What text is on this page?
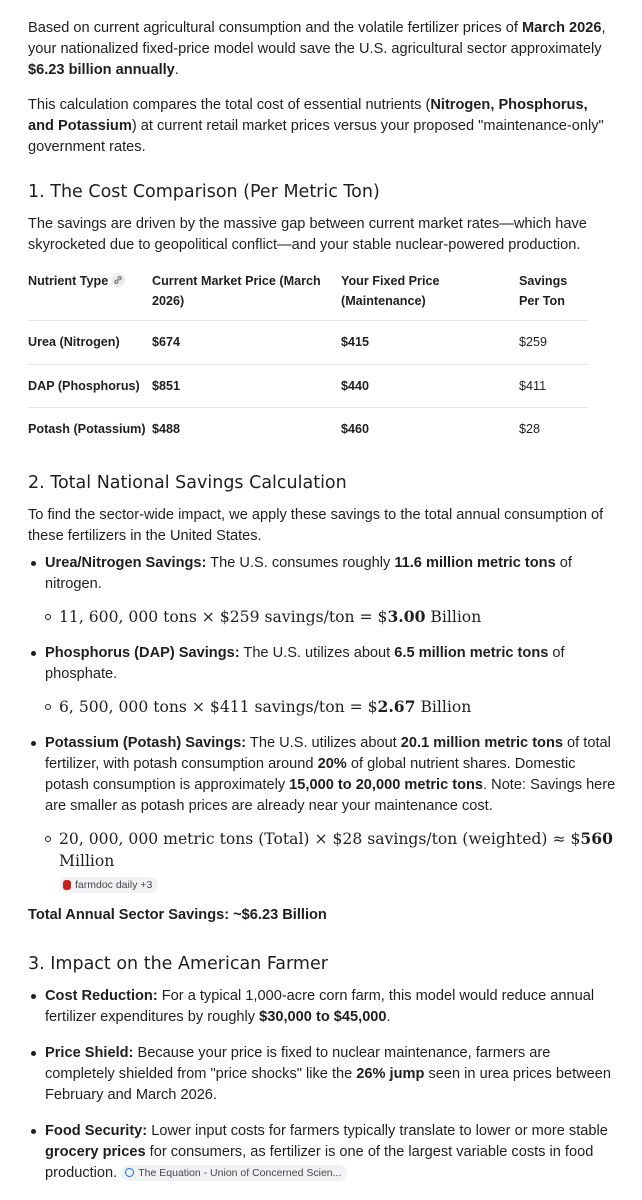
Based on current agricultural consumption and the volatile fertilizer prices of March 2026, your nationalized fixed-price model would save the U.S. agricultural sector approximately $6.23 billion annually.

This calculation compares the total cost of essential nutrients (Nitrogen, Phosphorus, and Potassium) at current retail market prices versus your proposed "maintenance-only" government rates.

1. The Cost Comparison (Per Metric Ton)

The savings are driven by the massive gap between current market rates—which have skyrocketed due to geopolitical conflict—and your stable nuclear-powered production.

Nutrient Type	Current Market Price (March 2026)	Your Fixed Price (Maintenance)	Savings Per Ton
Urea (Nitrogen)	$674	$415	$259
DAP (Phosphorus)	$851	$440	$411
Potash (Potassium)	$488	$460	$28
2. Total National Savings Calculation

To find the sector-wide impact, we apply these savings to the total annual consumption of these fertilizers in the United States.

Urea/Nitrogen Savings: The U.S. consumes roughly 11.6 million metric tons of nitrogen.
11, 600, 000 tons × $259 savings/ton = $3.00 Billion
Phosphorus (DAP) Savings: The U.S. utilizes about 6.5 million metric tons of phosphate.
6, 500, 000 tons × $411 savings/ton = $2.67 Billion
Potassium (Potash) Savings: The U.S. utilizes about 20.1 million metric tons of total fertilizer, with potash consumption around 20% of global nutrient shares. Domestic potash consumption is approximately 15,000 to 20,000 metric tons. Note: Savings here are smaller as potash prices are already near your maintenance cost.
20, 000, 000 metric tons (Total) × $28 savings/ton (weighted) ≈ $560 Million
farmdoc daily +3

Total Annual Sector Savings: ~$6.23 Billion

3. Impact on the American Farmer
Cost Reduction: For a typical 1,000-acre corn farm, this model would reduce annual fertilizer expenditures by roughly $30,000 to $45,000.
Price Shield: Because your price is fixed to nuclear maintenance, farmers are completely shielded from "price shocks" like the 26% jump seen in urea prices between February and March 2026.
Food Security: Lower input costs for farmers typically translate to lower or more stable grocery prices for consumers, as fertilizer is one of the largest variable costs in food production. The Equation - Union of Concerned Scien...
